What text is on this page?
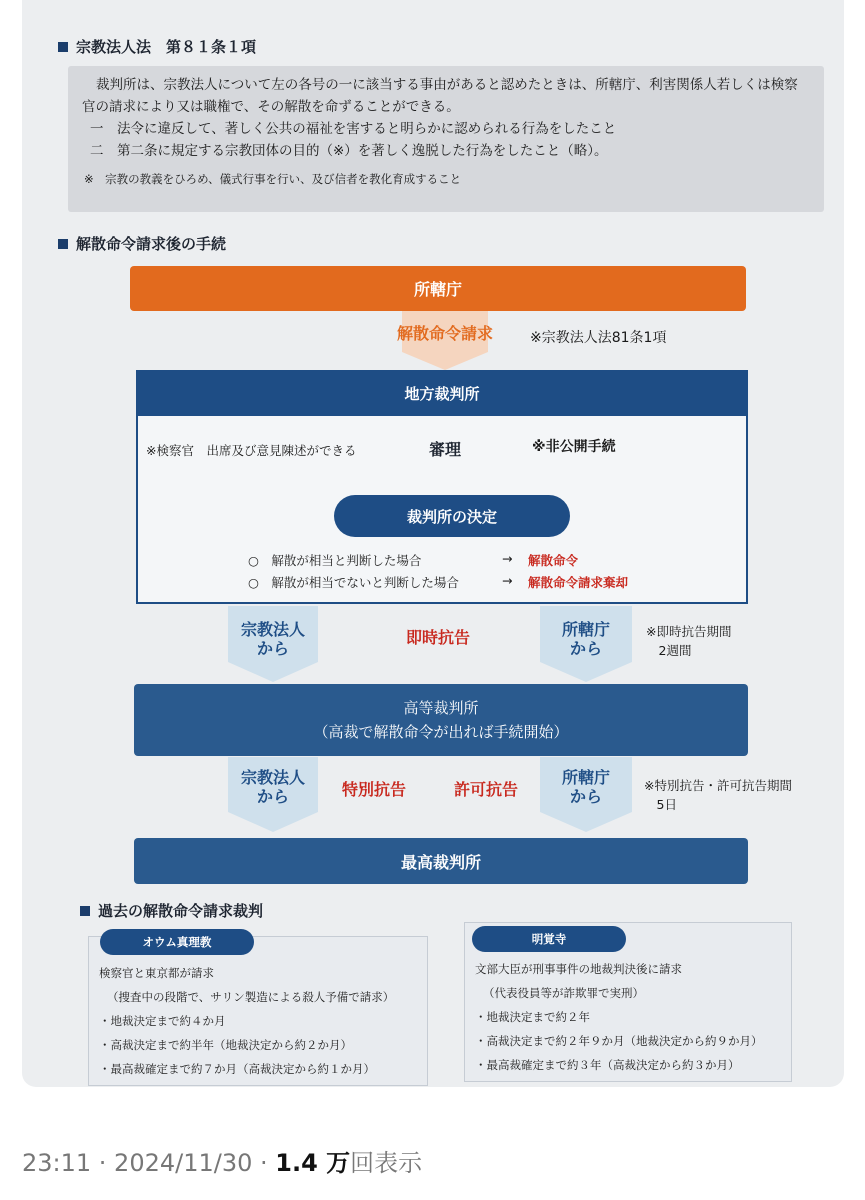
宗教法人法　第８１条１項
裁判所は、宗教法人について左の各号の一に該当する事由があると認めたときは、所轄庁、利害関係人若しくは検察官の請求により又は職権で、その解散を命ずることができる。
一　法令に違反して、著しく公共の福祉を害すると明らかに認められる行為をしたこと
二　第二条に規定する宗教団体の目的（※）を著しく逸脱した行為をしたこと（略）。
※　宗教の教義をひろめ、儀式行事を行い、及び信者を教化育成すること
解散命令請求後の手続
所轄庁
解散命令請求	※宗教法人法81条1項
地方裁判所
※検察官　出席及び意見陳述ができる	審理	※非公開手続
裁判所の決定
○　解散が相当と判断した場合	→	解散命令
○　解散が相当でないと判断した場合	→	解散命令請求棄却
宗教法人
から
即時抗告	所轄庁
から
※即時抗告期間
　2週間
高等裁判所
（高裁で解散命令が出れば手続開始）
宗教法人
から	特別抗告	許可抗告
所轄庁
から
※特別抗告・許可抗告期間
　5日
最高裁判所
過去の解散命令請求裁判
検察官と東京都が請求
（捜査中の段階で、サリン製造による殺人予備で請求）
・地裁決定まで約４か月
・高裁決定まで約半年（地裁決定から約２か月）
・最高裁確定まで約７か月（高裁決定から約１か月）
オウム真理教
文部大臣が刑事事件の地裁判決後に請求
（代表役員等が詐欺罪で実刑）
・地裁決定まで約２年
・高裁決定まで約２年９か月（地裁決定から約９か月）
・最高裁確定まで約３年（高裁決定から約３か月）
明覚寺
23:11 · 2024/11/30 · 1.4 万回表示
